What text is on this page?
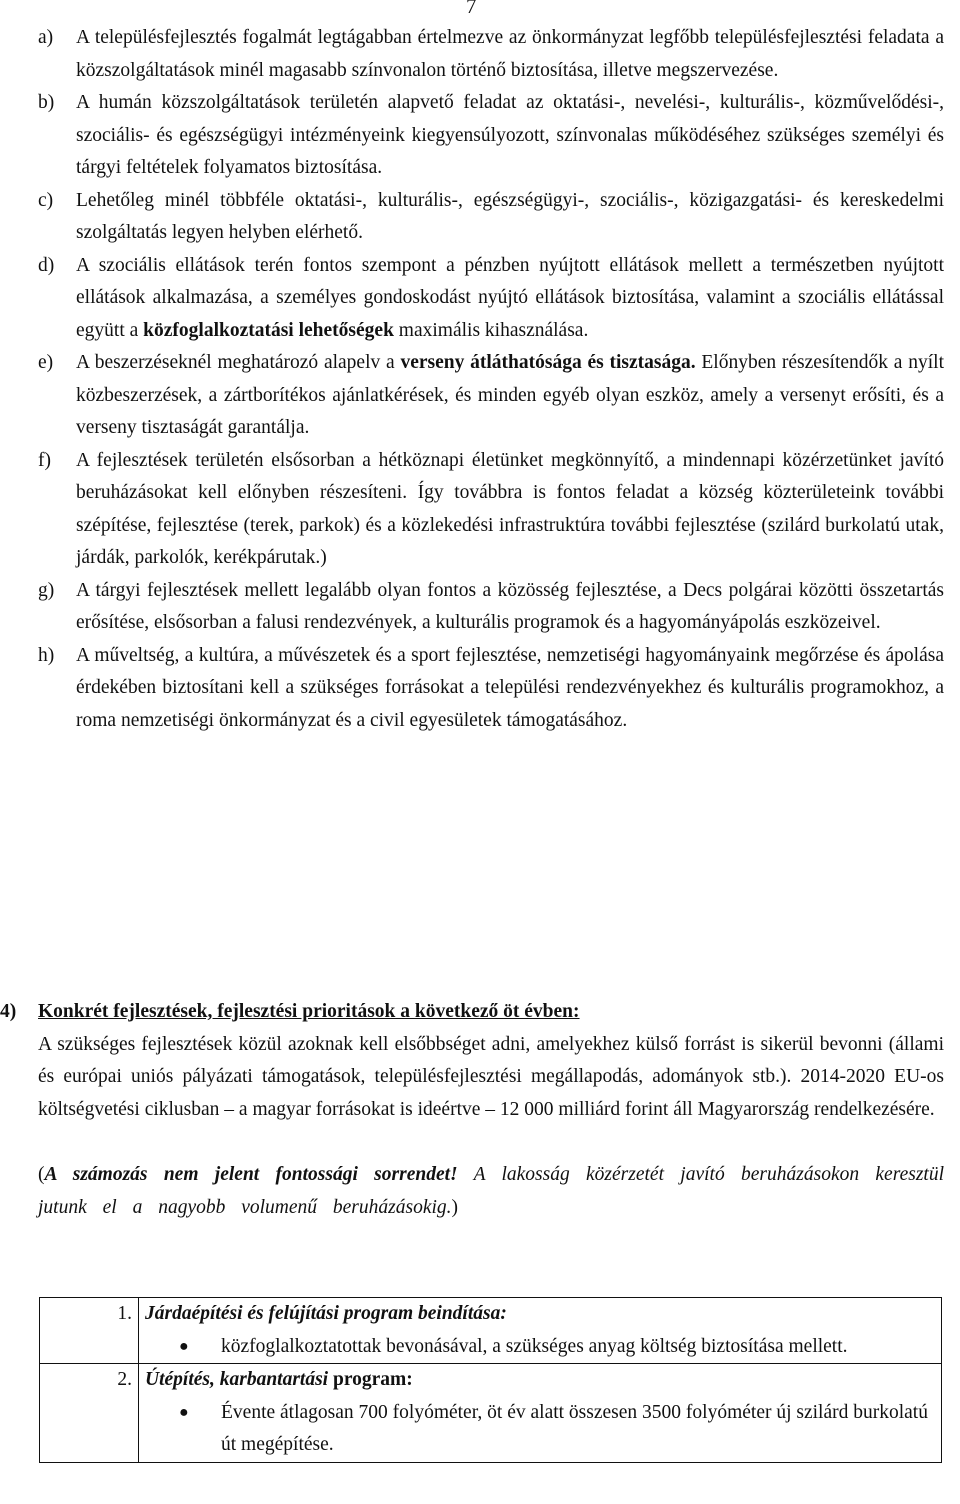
7
a)	A településfejlesztés fogalmát legtágabban értelmezve az önkormányzat legfőbb településfejlesztési feladata a közszolgáltatások minél magasabb színvonalon történő biztosítása, illetve megszervezése.
b)	A humán közszolgáltatások területén alapvető feladat az oktatási-, nevelési-, kulturális-, közművelődési-, szociális- és egészségügyi intézményeink kiegyensúlyozott, színvonalas működéséhez szükséges személyi és tárgyi feltételek folyamatos biztosítása.
c)	Lehetőleg minél többféle oktatási-, kulturális-, egészségügyi-, szociális-, közigazgatási- és kereskedelmi szolgáltatás legyen helyben elérhető.
d)	A szociális ellátások terén fontos szempont a pénzben nyújtott ellátások mellett a természetben nyújtott ellátások alkalmazása, a személyes gondoskodást nyújtó ellátások biztosítása, valamint a szociális ellátással együtt a közfoglalkoztatási lehetőségek maximális kihasználása.
e)	A beszerzéseknél meghatározó alapelv a verseny átláthatósága és tisztasága. Előnyben részesítendők a nyílt közbeszerzések, a zártborítékos ajánlatkérések, és minden egyéb olyan eszköz, amely a versenyt erősíti, és a verseny tisztaságát garantálja.
f)	A fejlesztések területén elsősorban a hétköznapi életünket megkönnyítő, a mindennapi közérzetünket javító beruházásokat kell előnyben részesíteni. Így továbbra is fontos feladat a község közterületeink további szépítése, fejlesztése (terek, parkok) és a közlekedési infrastruktúra további fejlesztése (szilárd burkolatú utak, járdák, parkolók, kerékpárutak.)
g)	A tárgyi fejlesztések mellett legalább olyan fontos a közösség fejlesztése, a Decs polgárai közötti összetartás erősítése, elsősorban a falusi rendezvények, a kulturális programok és a hagyományápolás eszközeivel.
h)	A műveltség, a kultúra, a művészetek és a sport fejlesztése, nemzetiségi hagyományaink megőrzése és ápolása érdekében biztosítani kell a szükséges forrásokat a települési rendezvényekhez és kulturális programokhoz, a roma nemzetiségi önkormányzat és a civil egyesületek támogatásához.
4)	Konkrét fejlesztések, fejlesztési prioritások a következő öt évben:
A szükséges fejlesztések közül azoknak kell elsőbbséget adni, amelyekhez külső forrást is sikerül bevonni (állami és európai uniós pályázati támogatások, településfejlesztési megállapodás, adományok stb.). 2014-2020 EU-os költségvetési ciklusban – a magyar forrásokat is ideértve – 12 000 milliárd forint áll Magyarország rendelkezésére.
(A számozás nem jelent fontossági sorrendet! A lakosság közérzetét javító beruházásokon keresztül jutunk el a nagyobb volumenű beruházásokig.)
1.	Járdaépítési és felújítási program beindítása:
● közfoglalkoztatottak bevonásával, a szükséges anyag költség biztosítása mellett.

2.	Útépítés, karbantartási program:
● Évente átlagosan 700 folyóméter, öt év alatt összesen 3500 folyóméter új szilárd burkolatú út megépítése.
